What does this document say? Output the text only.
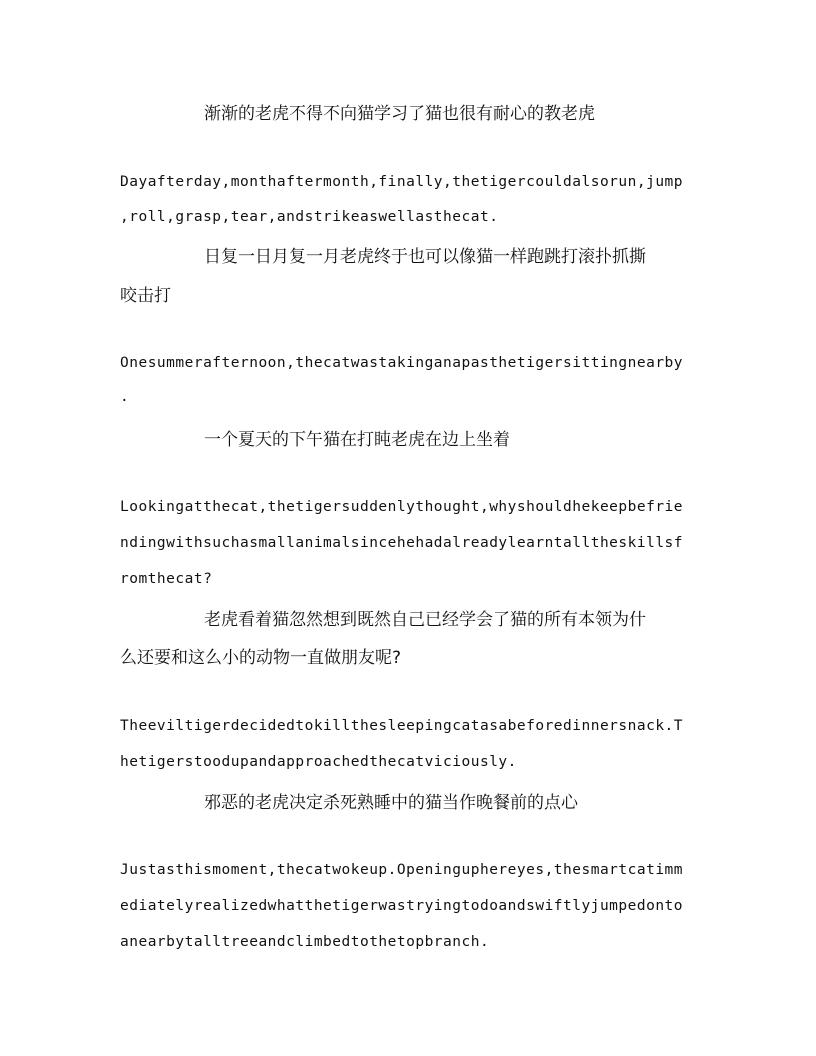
渐渐的老虎不得不向猫学习了猫也很有耐心的教老虎
Dayafterday,monthaftermonth,finally,thetigercouldalsorun,jump
,roll,grasp,tear,andstrikeaswellasthecat.
日复一日月复一月老虎终于也可以像猫一样跑跳打滚扑抓撕
咬击打
Onesummerafternoon,thecatwastakinganapasthetigersittingnearby
.
一个夏天的下午猫在打盹老虎在边上坐着
Lookingatthecat,thetigersuddenlythought,whyshouldhekeepbefrie
ndingwithsuchasmallanimalsincehehadalreadylearntalltheskillsf
romthecat?
老虎看着猫忽然想到既然自己已经学会了猫的所有本领为什
么还要和这么小的动物一直做朋友呢?
Theeviltigerdecidedtokillthesleepingcatasabeforedinnersnack.T
hetigerstoodupandapproachedthecatviciously.
邪恶的老虎决定杀死熟睡中的猫当作晚餐前的点心
Justasthismoment,thecatwokeup.Openinguphereyes,thesmartcatimm
ediatelyrealizedwhatthetigerwastryingtodoandswiftlyjumpedonto
anearbytalltreeandclimbedtothetopbranch.
